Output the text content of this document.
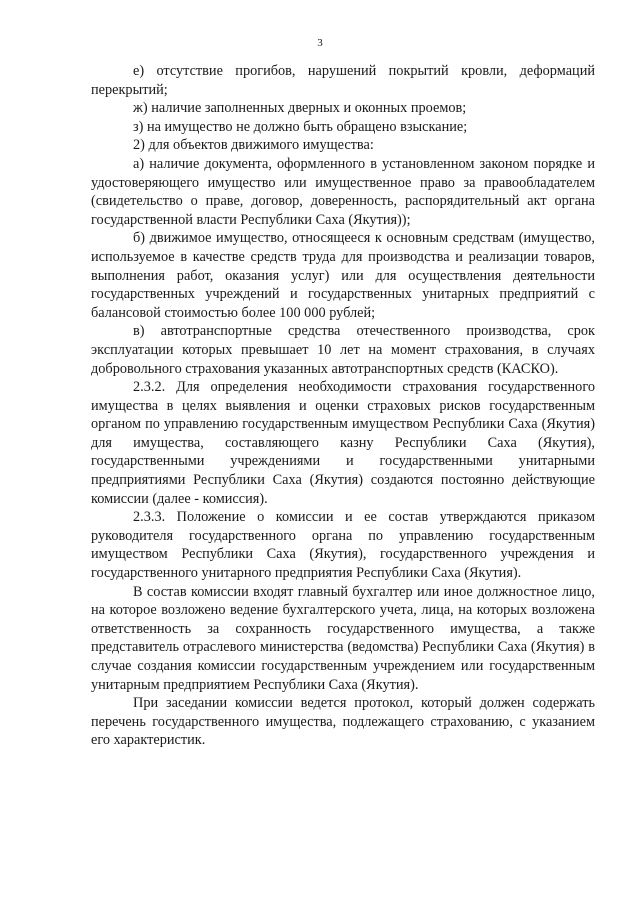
3

е) отсутствие прогибов, нарушений покрытий кровли, деформаций перекрытий;

ж) наличие заполненных дверных и оконных проемов;

з) на имущество не должно быть обращено взыскание;

2) для объектов движимого имущества:

а) наличие документа, оформленного в установленном законом порядке и удостоверяющего имущество или имущественное право за правообладателем (свидетельство о праве, договор, доверенность, распорядительный акт органа государственной власти Республики Саха (Якутия));

б) движимое имущество, относящееся к основным средствам (имущество, используемое в качестве средств труда для производства и реализации товаров, выполнения работ, оказания услуг) или для осуществления деятельности государственных учреждений и государственных унитарных предприятий с балансовой стоимостью более 100 000 рублей;

в) автотранспортные средства отечественного производства, срок эксплуатации которых превышает 10 лет на момент страхования, в случаях добровольного страхования указанных автотранспортных средств (КАСКО).

2.3.2. Для определения необходимости страхования государственного имущества в целях выявления и оценки страховых рисков государственным органом по управлению государственным имуществом Республики Саха (Якутия) для имущества, составляющего казну Республики Саха (Якутия), государственными учреждениями и государственными унитарными предприятиями Республики Саха (Якутия) создаются постоянно действующие комиссии (далее - комиссия).

2.3.3. Положение о комиссии и ее состав утверждаются приказом руководителя государственного органа по управлению государственным имуществом Республики Саха (Якутия), государственного учреждения и государственного унитарного предприятия Республики Саха (Якутия).

В состав комиссии входят главный бухгалтер или иное должностное лицо, на которое возложено ведение бухгалтерского учета, лица, на которых возложена ответственность за сохранность государственного имущества, а также представитель отраслевого министерства (ведомства) Республики Саха (Якутия) в случае создания комиссии государственным учреждением или государственным унитарным предприятием Республики Саха (Якутия).

При заседании комиссии ведется протокол, который должен содержать перечень государственного имущества, подлежащего страхованию, с указанием его характеристик.
